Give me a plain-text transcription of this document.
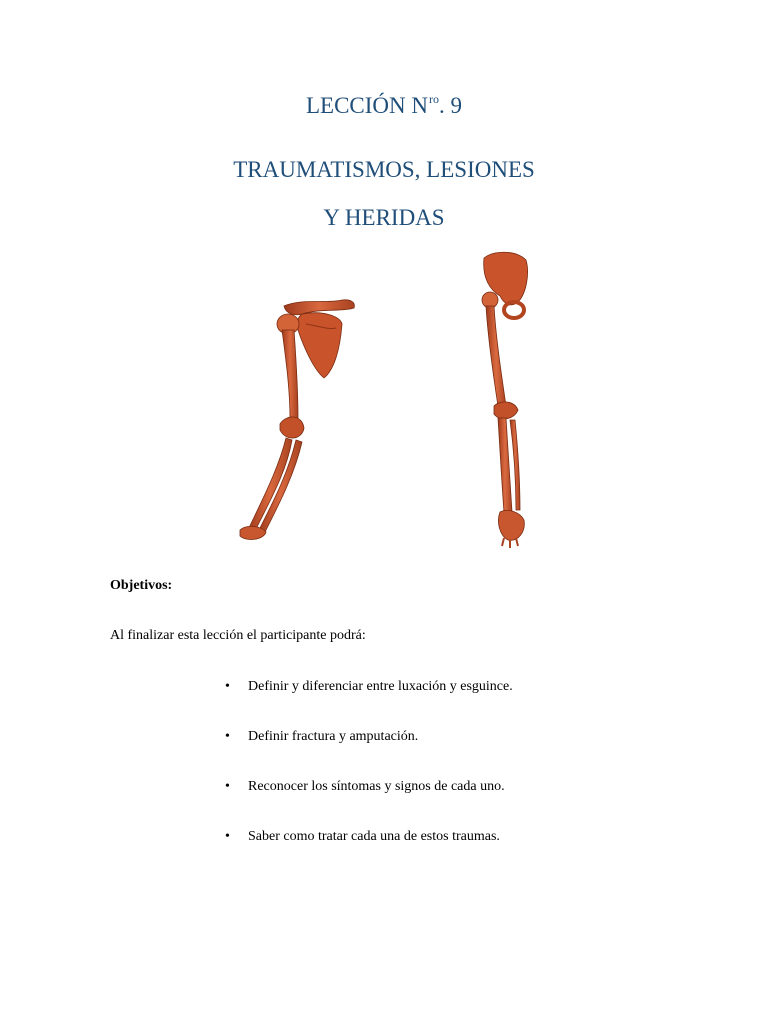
LECCIÓN $N^{ro}$. 9
TRAUMATISMOS, LESIONES
Y HERIDAS

Objetivos:

Al finalizar esta lección el participante podrá:

• Definir y diferenciar entre luxación y esguince.
• Definir fractura y amputación.
• Reconocer los síntomas y signos de cada uno.
• Saber como tratar cada una de estos traumas.
